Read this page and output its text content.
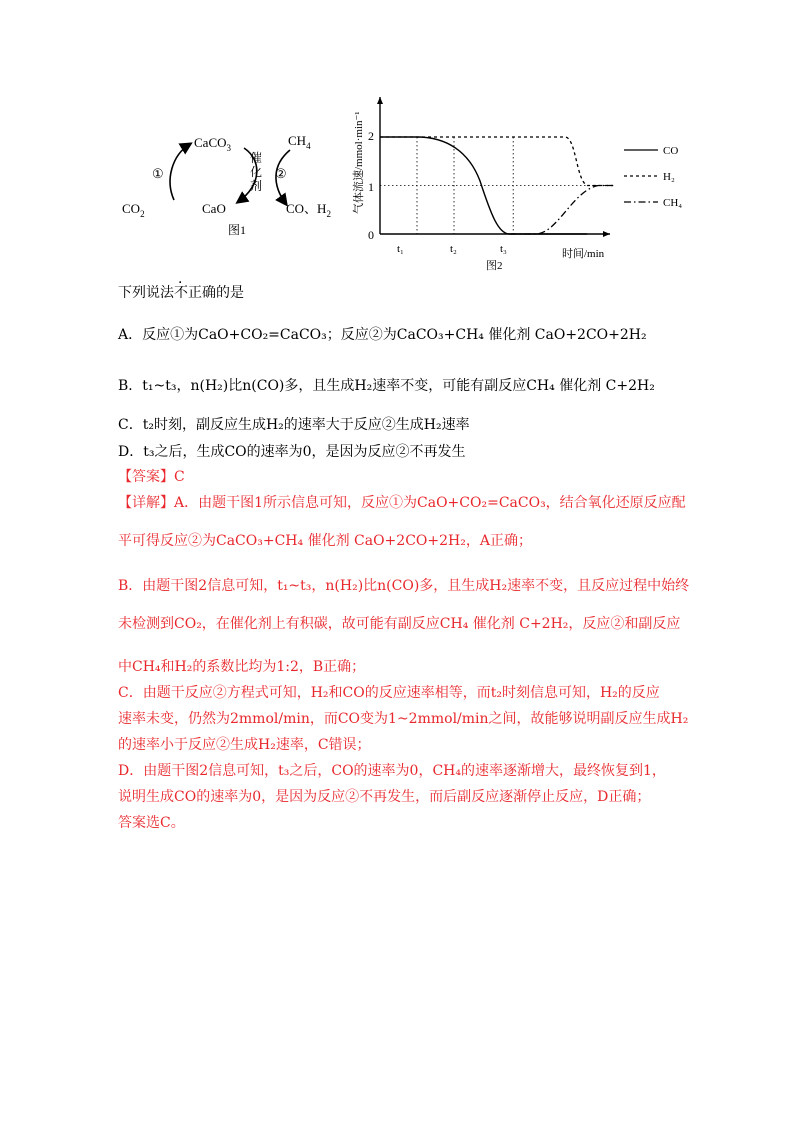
CaCO$_3$	$CH_4$
CaO
$CO_2$	CO、$H_2$
①	②
催
化
剂
图1
气体流速/mmol·min⁻¹
0
1
2
t₁	t₂	t₃	时间/min
图2
CO
H₂
CH₄
下列说法不正确的是
A．反应①为CaO+CO₂=CaCO₃；反应②为CaCO₃+CH₄ 催化剂 CaO+2CO+2H₂
B．t₁~t₃，n(H₂)比n(CO)多，且生成H₂速率不变，可能有副反应CH₄ 催化剂 C+2H₂
C．t₂时刻，副反应生成H₂的速率大于反应②生成H₂速率
D．t₃之后，生成CO的速率为0，是因为反应②不再发生
【答案】C
【详解】A．由题干图1所示信息可知，反应①为CaO+CO₂=CaCO₃，结合氧化还原反应配
平可得反应②为CaCO₃+CH₄ 催化剂 CaO+2CO+2H₂，A正确；
B．由题干图2信息可知，t₁~t₃，n(H₂)比n(CO)多，且生成H₂速率不变，且反应过程中始终
未检测到CO₂，在催化剂上有积碳，故可能有副反应CH₄ 催化剂 C+2H₂，反应②和副反应
中CH₄和H₂的系数比均为1:2，B正确；
C．由题干反应②方程式可知，H₂和CO的反应速率相等，而t₂时刻信息可知，H₂的反应
速率未变，仍然为2mmol/min，而CO变为1~2mmol/min之间，故能够说明副反应生成H₂
的速率小于反应②生成H₂速率，C错误；
D．由题干图2信息可知，t₃之后，CO的速率为0，CH₄的速率逐渐增大，最终恢复到1，
说明生成CO的速率为0，是因为反应②不再发生，而后副反应逐渐停止反应，D正确；
答案选C。
